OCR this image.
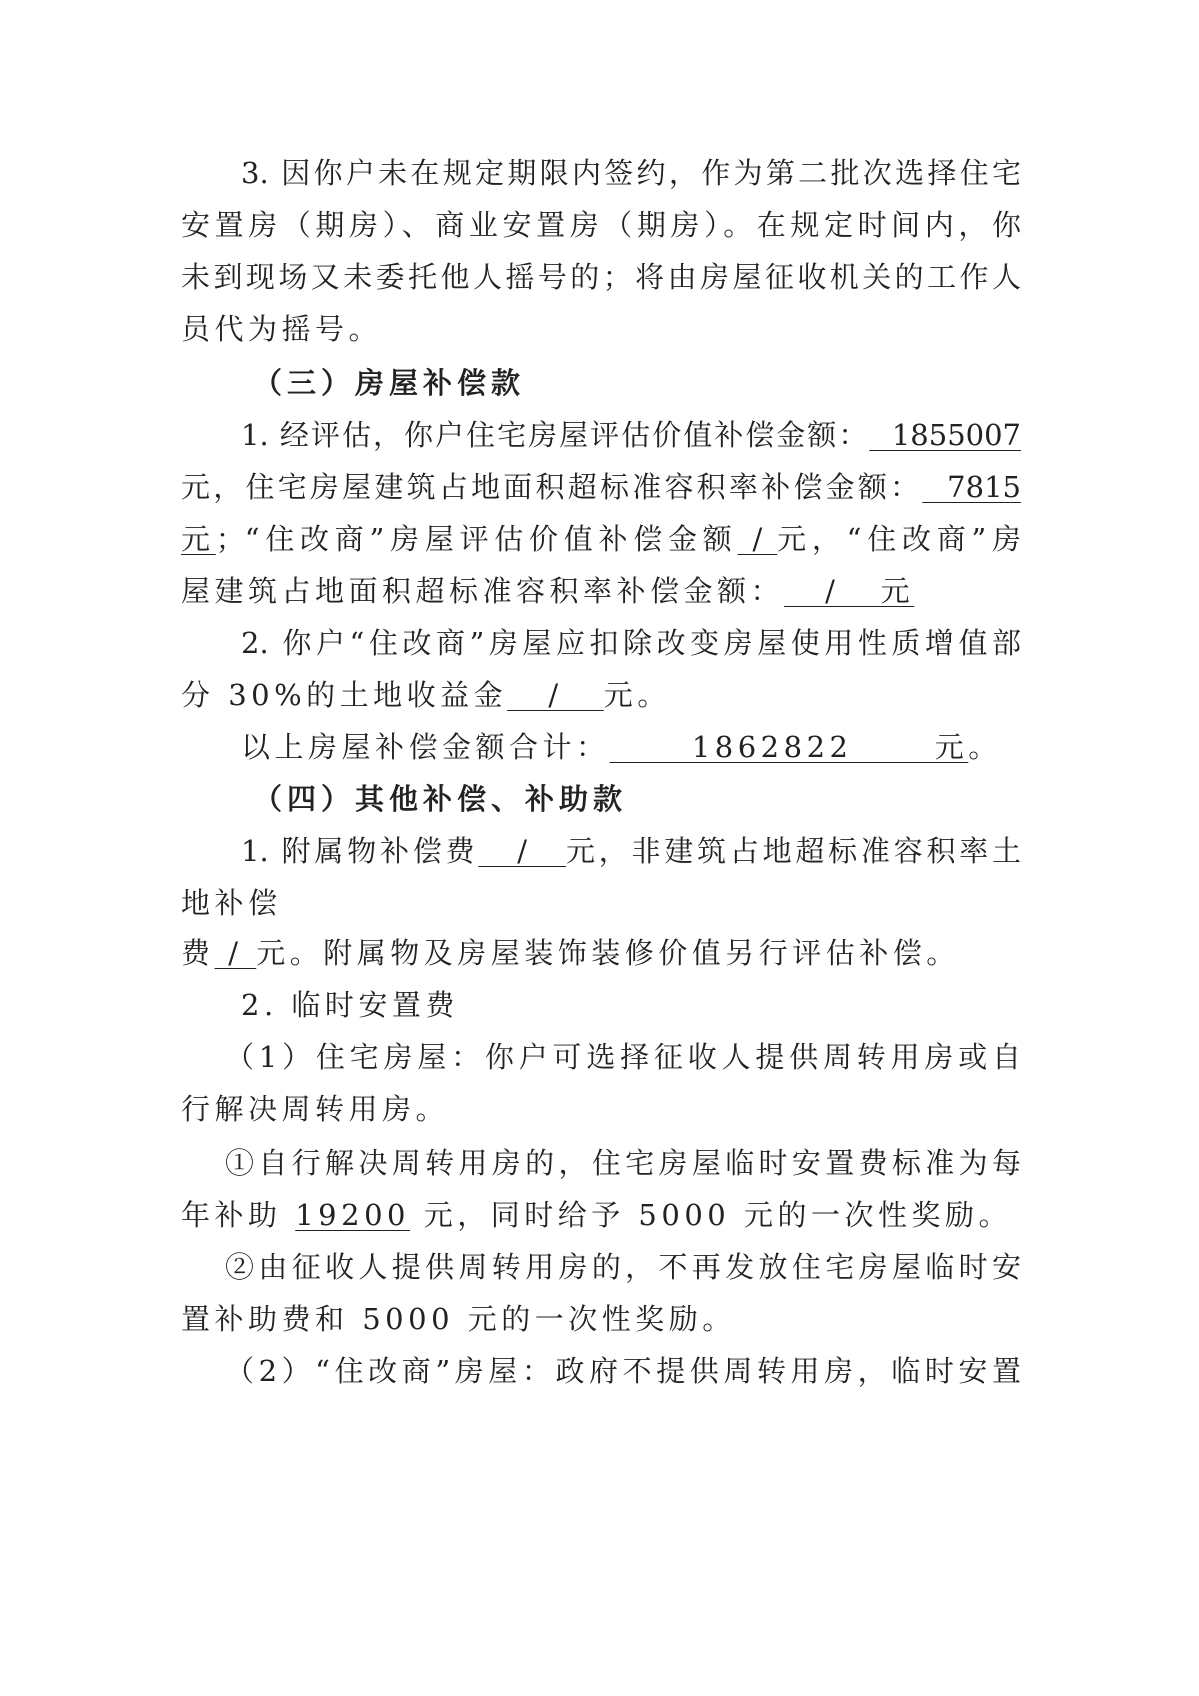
3. 因你户未在规定期限内签约，作为第二批次选择住宅
安置房（期房）、商业安置房（期房）。在规定时间内，你
未到现场又未委托他人摇号的；将由房屋征收机关的工作人
员代为摇号。
（三）房屋补偿款
1. 经评估，你户住宅房屋评估价值补偿金额：  1855007
元，住宅房屋建筑占地面积超标准容积率补偿金额：  7815
元；“住改商”房屋评估价值补偿金额 / 元，“住改商”房
屋建筑占地面积超标准容积率补偿金额：   /   元
2. 你户“住改商”房屋应扣除改变房屋使用性质增值部
分 30%的土地收益金   /   元。
以上房屋补偿金额合计：      1862822      元。
（四）其他补偿、补助款
1. 附属物补偿费   /   元，非建筑占地超标准容积率土
地补偿
费 / 元。附属物及房屋装饰装修价值另行评估补偿。
2. 临时安置费
（1）住宅房屋：你户可选择征收人提供周转用房或自
行解决周转用房。
①自行解决周转用房的，住宅房屋临时安置费标准为每
年补助 19200 元，同时给予 5000 元的一次性奖励。
②由征收人提供周转用房的，不再发放住宅房屋临时安
置补助费和 5000 元的一次性奖励。
（2）“住改商”房屋：政府不提供周转用房，临时安置
